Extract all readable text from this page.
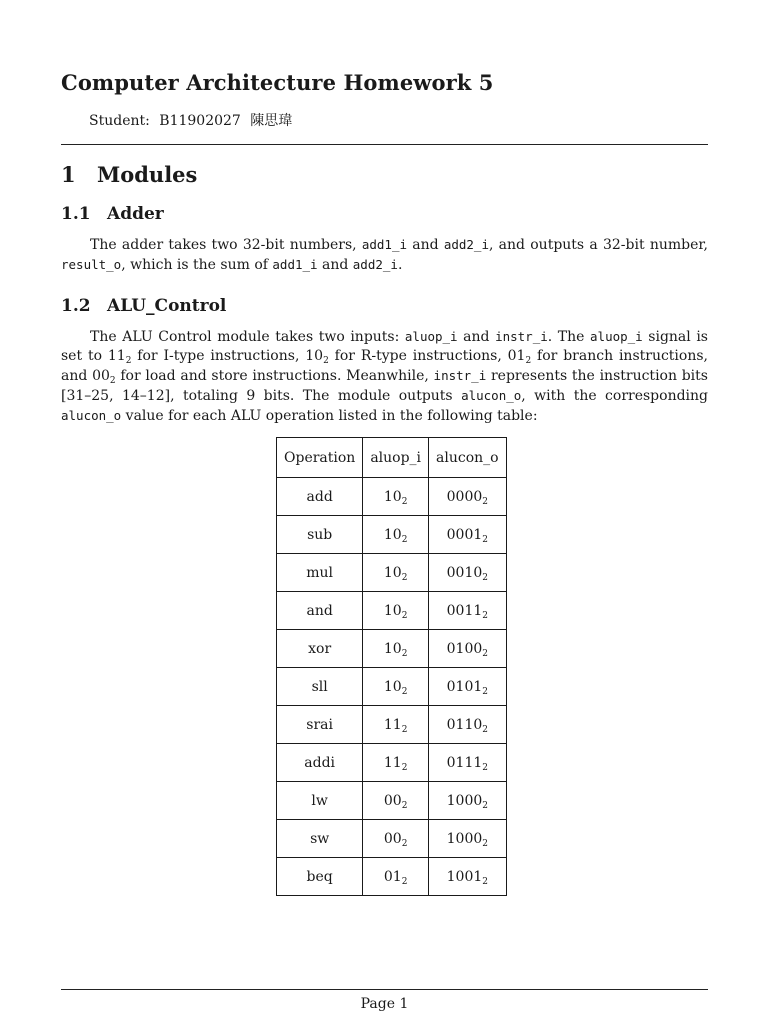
Computer Architecture Homework 5
Student: B11902027 陳思瑋
1 Modules
1.1 Adder
The adder takes two 32-bit numbers, add1_i and add2_i, and outputs a 32-bit number, result_o, which is the sum of add1_i and add2_i.
1.2 ALU_Control
The ALU Control module takes two inputs: aluop_i and instr_i. The aluop_i signal is set to $11_2$ for I-type instructions, $10_2$ for R-type instructions, $01_2$ for branch instructions, and $00_2$ for load and store instructions. Meanwhile, instr_i represents the instruction bits [31–25, 14–12], totaling 9 bits. The module outputs alucon_o, with the corresponding alucon_o value for each ALU operation listed in the following table:
Operation	aluop_i	alucon_o
add	$10_2$	$0000_2$
sub	$10_2$	$0001_2$
mul	$10_2$	$0010_2$
and	$10_2$	$0011_2$
xor	$10_2$	$0100_2$
sll	$10_2$	$0101_2$
srai	$11_2$	$0110_2$
addi	$11_2$	$0111_2$
lw	$00_2$	$1000_2$
sw	$00_2$	$1000_2$
beq	$01_2$	$1001_2$
Page 1
